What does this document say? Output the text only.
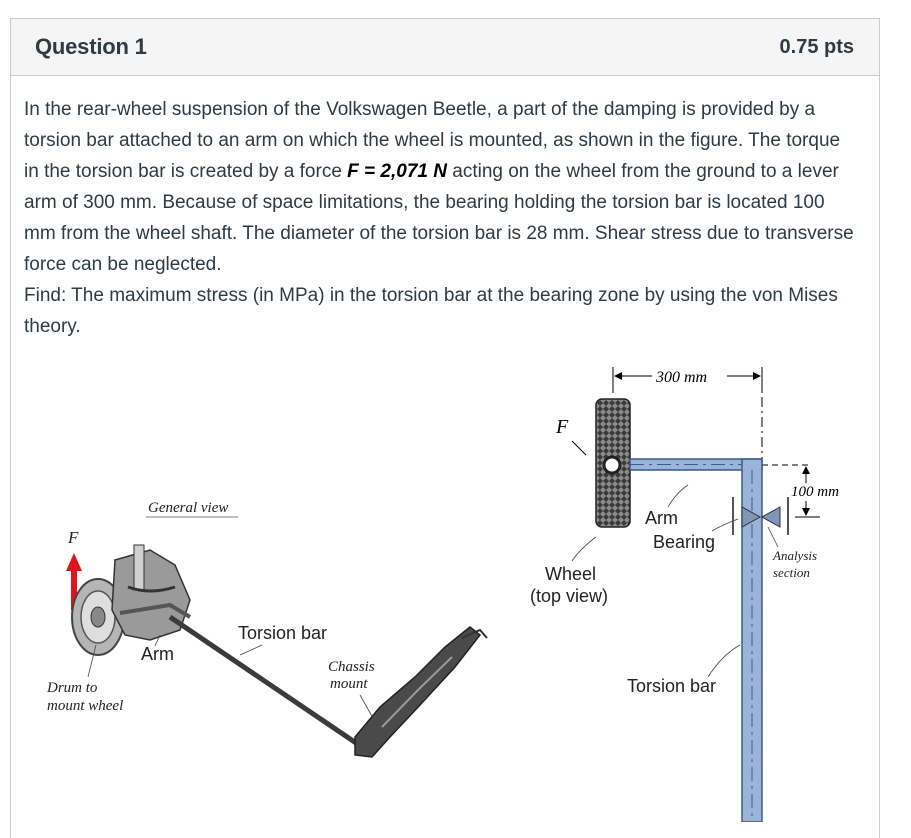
Question 1	0.75 pts

In the rear-wheel suspension of the Volkswagen Beetle, a part of the damping is provided by a torsion bar attached to an arm on which the wheel is mounted, as shown in the figure. The torque in the torsion bar is created by a force F = 2,071 N acting on the wheel from the ground to a lever arm of 300 mm. Because of space limitations, the bearing holding the torsion bar is located 100 mm from the wheel shaft. The diameter of the torsion bar is 28 mm. Shear stress due to transverse force can be neglected.

Find: The maximum stress (in MPa) in the torsion bar at the bearing zone by using the von Mises theory.

General view
F
Torsion bar
Arm
Chassis
mount
Drum to
mount wheel
300 mm
F
100 mm
Arm
Bearing
Analysis
section
Wheel
(top view)
Torsion bar
